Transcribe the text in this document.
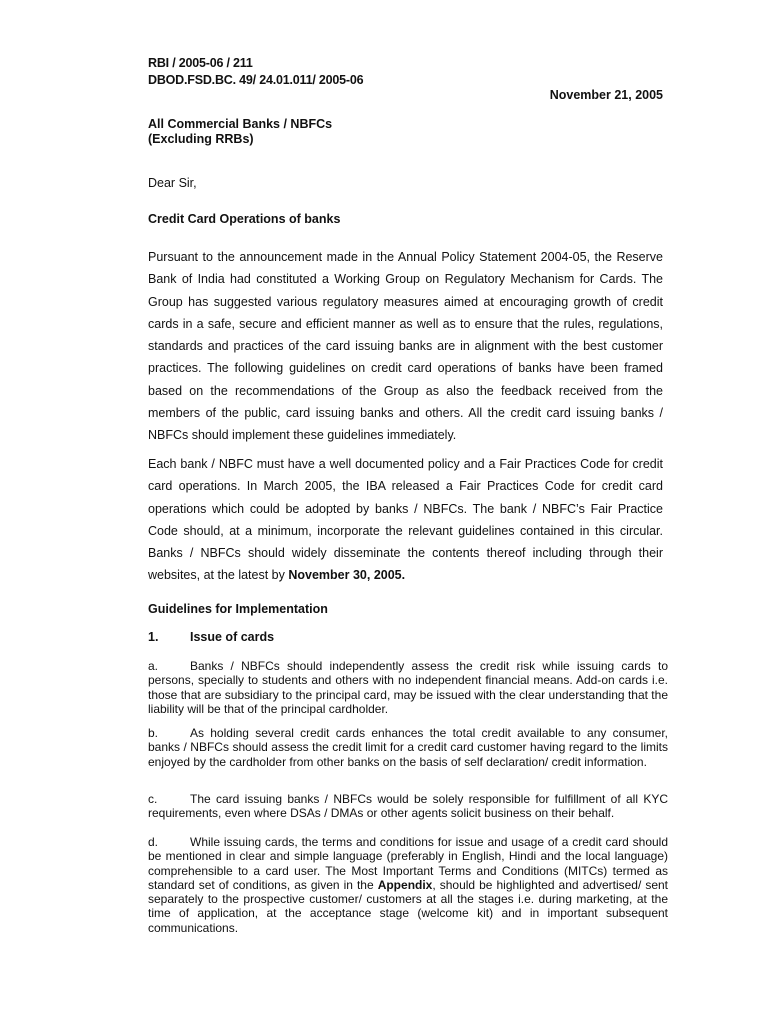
RBI / 2005-06 / 211
DBOD.FSD.BC. 49/ 24.01.011/ 2005-06
November 21, 2005
All Commercial Banks / NBFCs
(Excluding RRBs)
Dear Sir,
Credit Card Operations of banks
Pursuant to the announcement made in the Annual Policy Statement 2004-05, the Reserve Bank of India had constituted a Working Group on Regulatory Mechanism for Cards. The Group has suggested various regulatory measures aimed at encouraging growth of credit cards in a safe, secure and efficient manner as well as to ensure that the rules, regulations, standards and practices of the card issuing banks are in alignment with the best customer practices. The following guidelines on credit card operations of banks have been framed based on the recommendations of the Group as also the feedback received from the members of the public, card issuing banks and others. All the credit card issuing banks / NBFCs should implement these guidelines immediately.
Each bank / NBFC must have a well documented policy and a Fair Practices Code for credit card operations. In March 2005, the IBA released a Fair Practices Code for credit card operations which could be adopted by banks / NBFCs. The bank / NBFC’s Fair Practice Code should, at a minimum, incorporate the relevant guidelines contained in this circular. Banks / NBFCs should widely disseminate the contents thereof including through their websites, at the latest by November 30, 2005.
Guidelines for Implementation
1.	Issue of cards
a.	Banks / NBFCs should independently assess the credit risk while issuing cards to persons, specially to students and others with no independent financial means. Add-on cards i.e. those that are subsidiary to the principal card, may be issued with the clear understanding that the liability will be that of the principal cardholder.
b.	As holding several credit cards enhances the total credit available to any consumer, banks / NBFCs should assess the credit limit for a credit card customer having regard to the limits enjoyed by the cardholder from other banks on the basis of self declaration/ credit information.
c.	The card issuing banks / NBFCs would be solely responsible for fulfillment of all KYC requirements, even where DSAs / DMAs or other agents solicit business on their behalf.
d.	While issuing cards, the terms and conditions for issue and usage of a credit card should be mentioned in clear and simple language (preferably in English, Hindi and the local language) comprehensible to a card user. The Most Important Terms and Conditions (MITCs) termed as standard set of conditions, as given in the Appendix, should be highlighted and advertised/ sent separately to the prospective customer/ customers at all the stages i.e. during marketing, at the time of application, at the acceptance stage (welcome kit) and in important subsequent communications.
